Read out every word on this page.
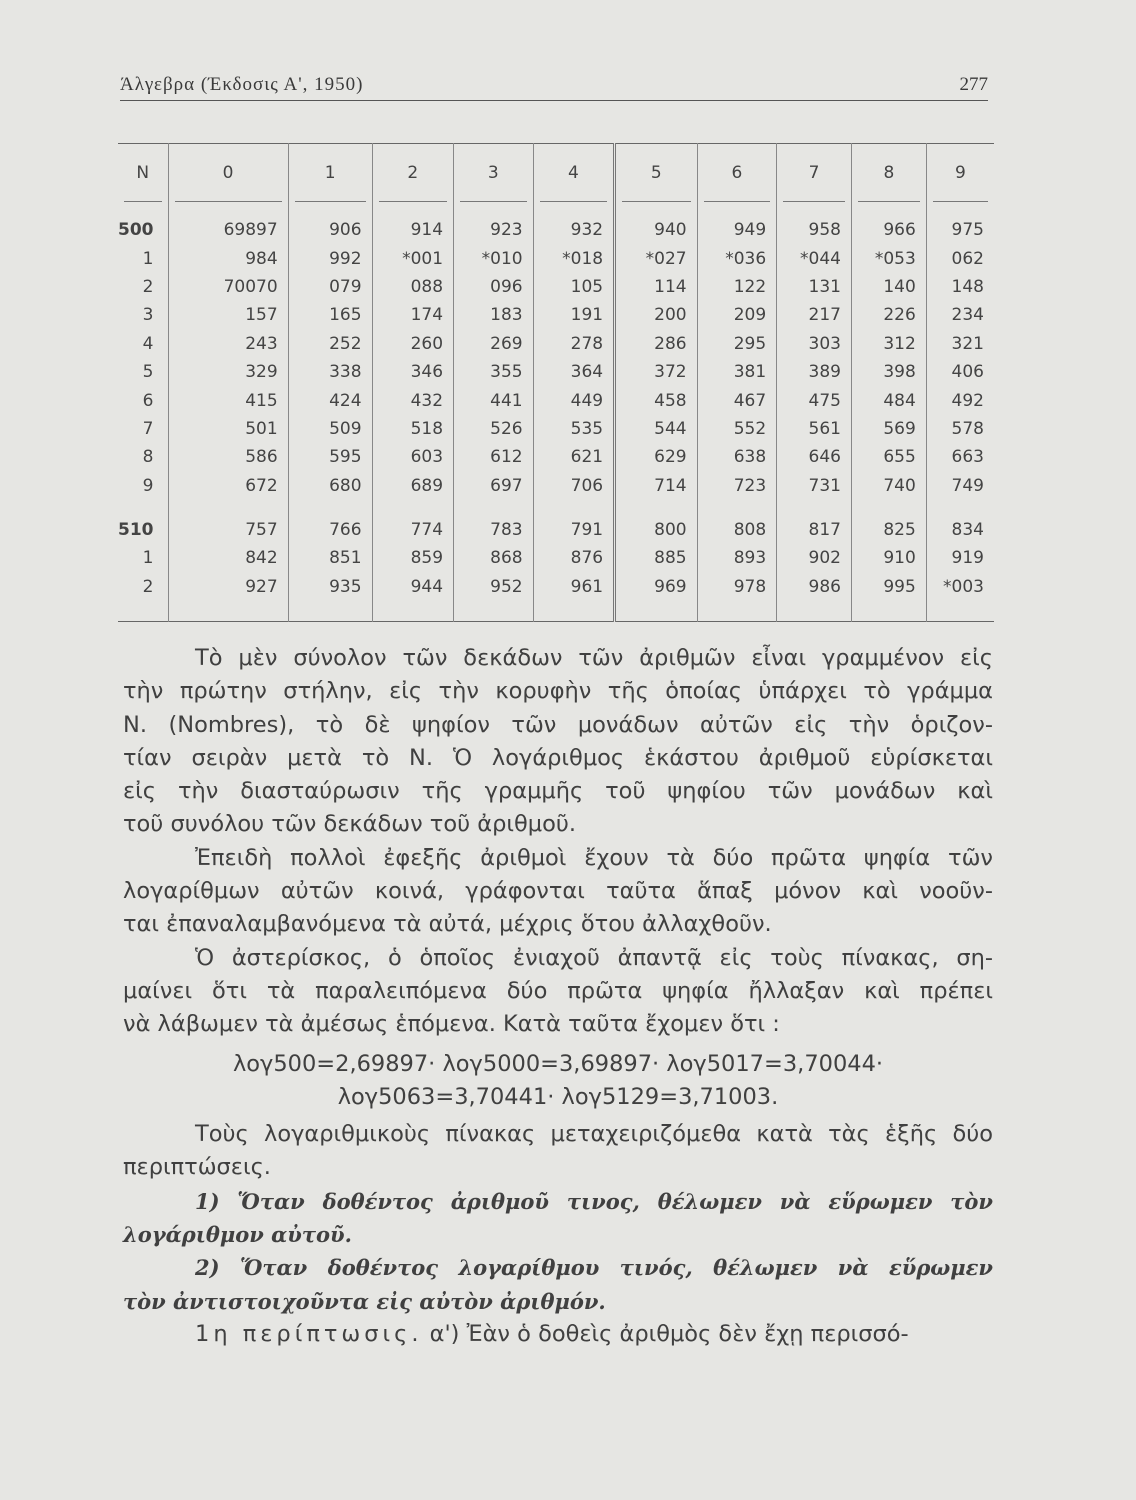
Άλγεβρα (Έκδοσις Α', 1950)	277
N	0	1	2	3	4	5	6	7	8	9
500	69897	906	914	923	932	940	949	958	966	975
1	984	992	*001	*010	*018	*027	*036	*044	*053	062
2	70070	079	088	096	105	114	122	131	140	148
3	157	165	174	183	191	200	209	217	226	234
4	243	252	260	269	278	286	295	303	312	321
5	329	338	346	355	364	372	381	389	398	406
6	415	424	432	441	449	458	467	475	484	492
7	501	509	518	526	535	544	552	561	569	578
8	586	595	603	612	621	629	638	646	655	663
9	672	680	689	697	706	714	723	731	740	749
510	757	766	774	783	791	800	808	817	825	834
1	842	851	859	868	876	885	893	902	910	919
2	927	935	944	952	961	969	978	986	995	*003
Τὸ μὲν σύνολον τῶν δεκάδων τῶν ἀριθμῶν εἶναι γραμμένον εἰς
τὴν πρώτην στήλην, εἰς τὴν κορυφὴν τῆς ὁποίας ὑπάρχει τὸ γράμμα
N. (Nombres), τὸ δὲ ψηφίον τῶν μονάδων αὐτῶν εἰς τὴν ὁριζον-
τίαν σειρὰν μετὰ τὸ N. Ὁ λογάριθμος ἑκάστου ἀριθμοῦ εὑρίσκεται
εἰς τὴν διασταύρωσιν τῆς γραμμῆς τοῦ ψηφίου τῶν μονάδων καὶ
τοῦ συνόλου τῶν δεκάδων τοῦ ἀριθμοῦ.
Ἐπειδὴ πολλοὶ ἐφεξῆς ἀριθμοὶ ἔχουν τὰ δύο πρῶτα ψηφία τῶν
λογαρίθμων αὐτῶν κοινά, γράφονται ταῦτα ἅπαξ μόνον καὶ νοοῦν-
ται ἐπαναλαμβανόμενα τὰ αὐτά, μέχρις ὅτου ἀλλαχθοῦν.
Ὁ ἀστερίσκος, ὁ ὁποῖος ἐνιαχοῦ ἀπαντᾷ εἰς τοὺς πίνακας, ση-
μαίνει ὅτι τὰ παραλειπόμενα δύο πρῶτα ψηφία ἤλλαξαν καὶ πρέπει
νὰ λάβωμεν τὰ ἀμέσως ἑπόμενα. Κατὰ ταῦτα ἔχομεν ὅτι :
λογ500=2,69897· λογ5000=3,69897· λογ5017=3,70044·
λογ5063=3,70441· λογ5129=3,71003.
Τοὺς λογαριθμικοὺς πίνακας μεταχειριζόμεθα κατὰ τὰς ἑξῆς δύο
περιπτώσεις.
1) Ὅταν δοθέντος ἀριθμοῦ τινος, θέλωμεν νὰ εὕρωμεν τὸν
λογάριθμον αὐτοῦ.
2) Ὅταν δοθέντος λογαρίθμου τινός, θέλωμεν νὰ εὕρωμεν
τὸν ἀντιστοιχοῦντα εἰς αὐτὸν ἀριθμόν.
1η περίπτωσις. α') Ἐὰν ὁ δοθεὶς ἀριθμὸς δὲν ἔχῃ περισσό-
